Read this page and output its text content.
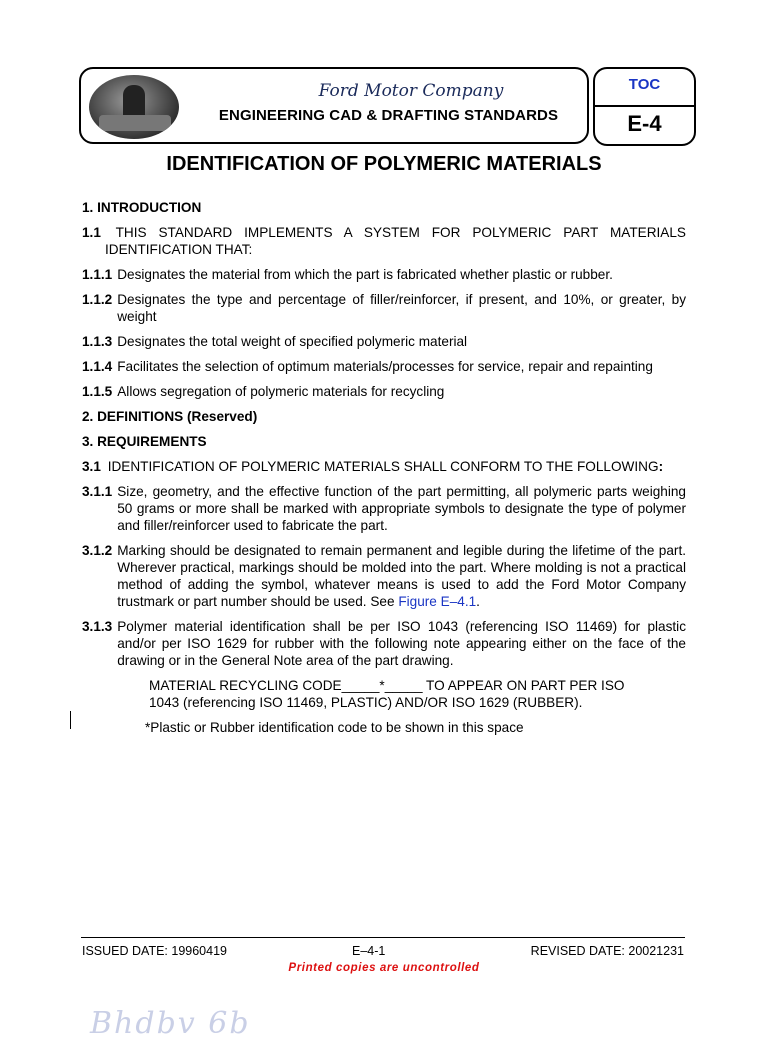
Ford Motor Company
ENGINEERING CAD & DRAFTING STANDARDS
TOC
E-4
IDENTIFICATION OF POLYMERIC MATERIALS
1. INTRODUCTION
1.1 THIS STANDARD IMPLEMENTS A SYSTEM FOR POLYMERIC PART MATERIALS IDENTIFICATION THAT:
1.1.1 Designates the material from which the part is fabricated whether plastic or rubber.
1.1.2 Designates the type and percentage of filler/reinforcer, if present, and 10%, or greater, by weight
1.1.3 Designates the total weight of specified polymeric material
1.1.4 Facilitates the selection of optimum materials/processes for service, repair and repainting
1.1.5 Allows segregation of polymeric materials for recycling
2. DEFINITIONS (Reserved)
3. REQUIREMENTS
3.1 IDENTIFICATION OF POLYMERIC MATERIALS SHALL CONFORM TO THE FOLLOWING:
3.1.1 Size, geometry, and the effective function of the part permitting, all polymeric parts weighing 50 grams or more shall be marked with appropriate symbols to designate the type of polymer and filler/reinforcer used to fabricate the part.
3.1.2 Marking should be designated to remain permanent and legible during the lifetime of the part. Wherever practical, markings should be molded into the part. Where molding is not a practical method of adding the symbol, whatever means is used to add the Ford Motor Company trustmark or part number should be used. See Figure E–4.1.
3.1.3 Polymer material identification shall be per ISO 1043 (referencing ISO 11469) for plastic and/or per ISO 1629 for rubber with the following note appearing either on the face of the drawing or in the General Note area of the part drawing.
MATERIAL RECYCLING CODE_____*_____ TO APPEAR ON PART PER ISO 1043 (referencing ISO 11469, PLASTIC) AND/OR ISO 1629 (RUBBER).
*Plastic or Rubber identification code to be shown in this space
ISSUED DATE: 19960419	E–4-1	REVISED DATE: 20021231
Printed copies are uncontrolled
Bhdbv 6b
